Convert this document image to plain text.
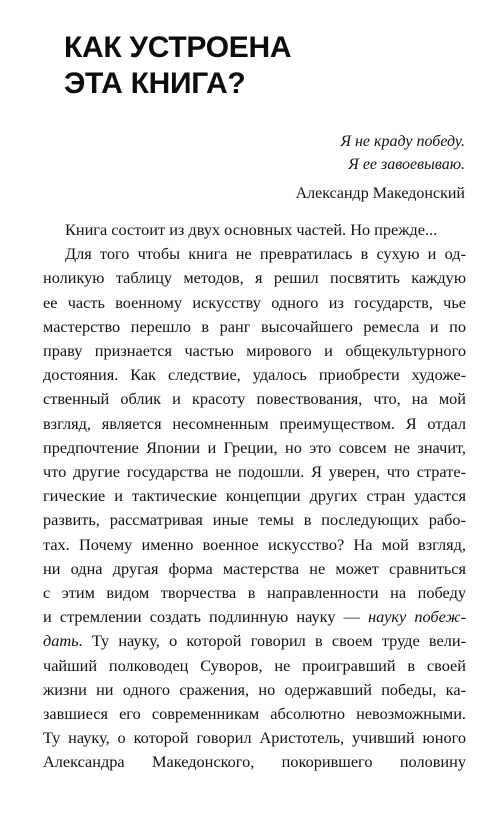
КАК УСТРОЕНА
ЭТА КНИГА?
Я не краду победу.
Я ее завоевываю.
Александр Македонский
Книга состоит из двух основных частей. Но прежде...
Для того чтобы книга не превратилась в сухую и од-
ноликую таблицу методов, я решил посвятить каждую
ее часть военному искусству одного из государств, чье
мастерство перешло в ранг высочайшего ремесла и по
праву признается частью мирового и общекультурного
достояния. Как следствие, удалось приобрести художе-
ственный облик и красоту повествования, что, на мой
взгляд, является несомненным преимуществом. Я отдал
предпочтение Японии и Греции, но это совсем не значит,
что другие государства не подошли. Я уверен, что страте-
гические и тактические концепции других стран удастся
развить, рассматривая иные темы в последующих рабо-
тах. Почему именно военное искусство? На мой взгляд,
ни одна другая форма мастерства не может сравниться
с этим видом творчества в направленности на победу
и стремлении создать подлинную науку — науку побеж-
дать. Ту науку, о которой говорил в своем труде вели-
чайший полководец Суворов, не проигравший в своей
жизни ни одного сражения, но одержавший победы, ка-
завшиеся его современникам абсолютно невозможными.
Ту науку, о которой говорил Аристотель, учивший юного
Александра Македонского, покорившего половину
